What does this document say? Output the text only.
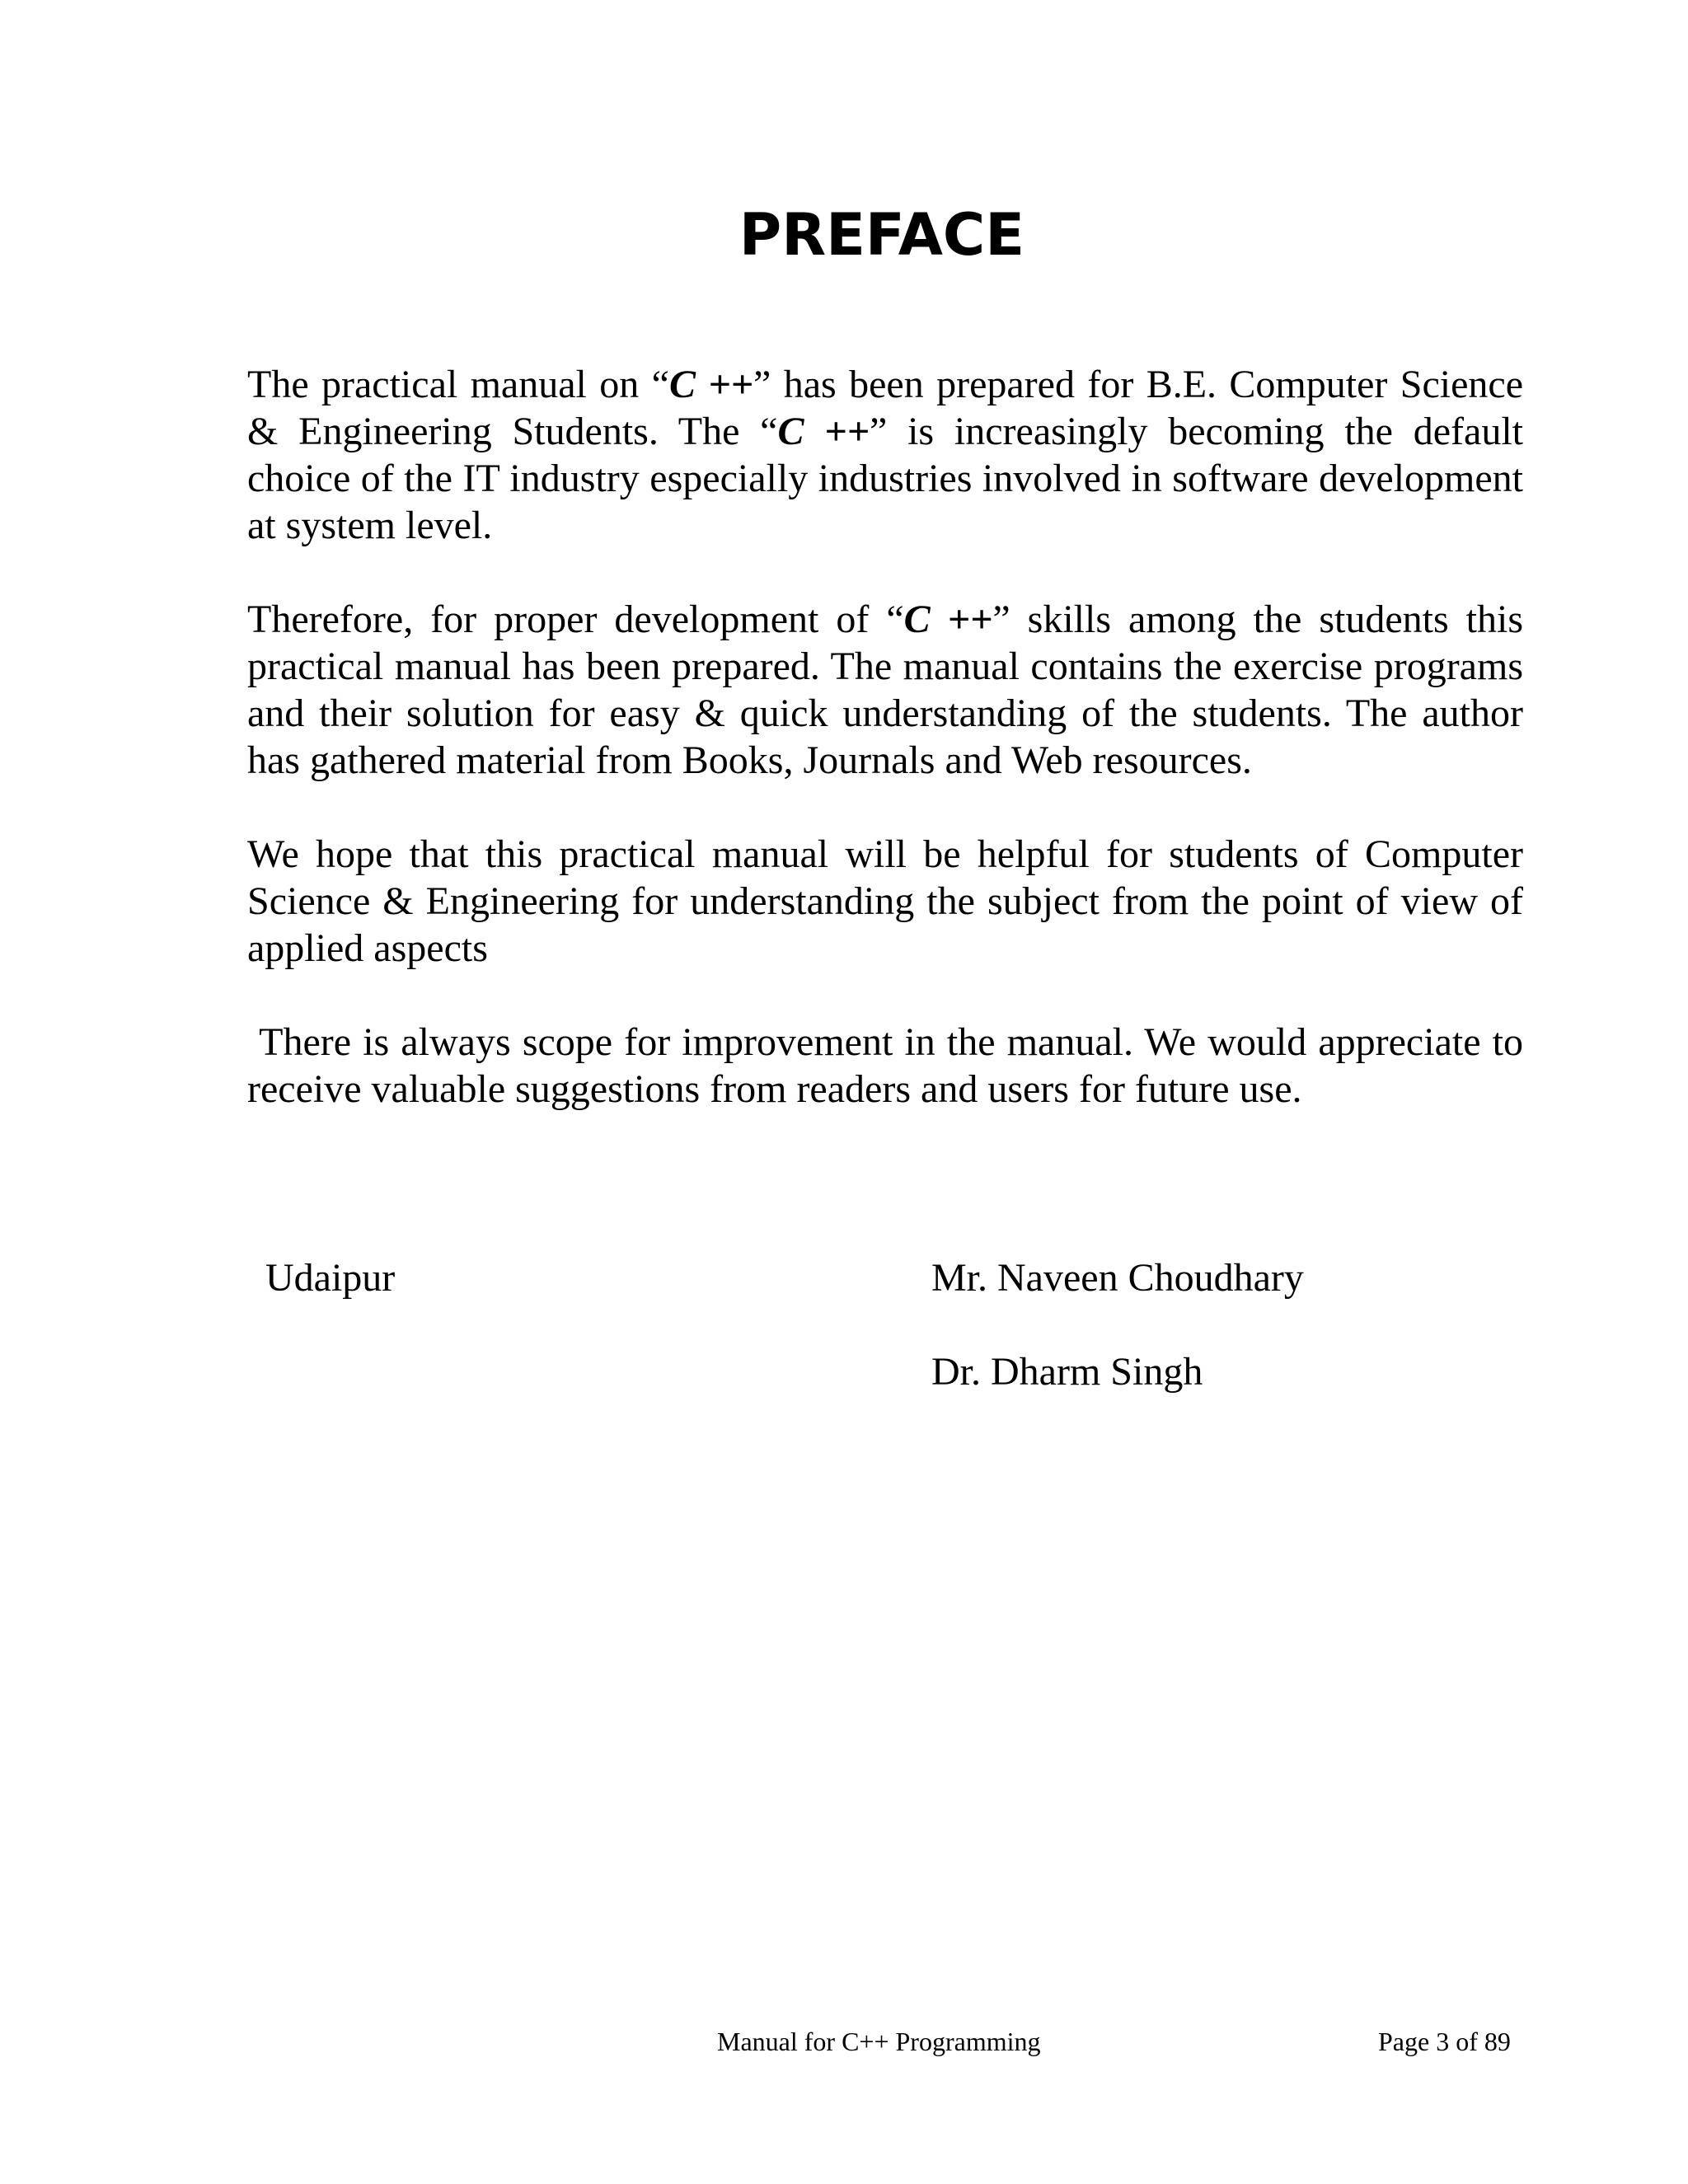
PREFACE

The practical manual on “C ++” has been prepared for B.E. Computer Science & Engineering Students. The “C ++” is increasingly becoming the default choice of the IT industry especially industries involved in software development at system level.

Therefore, for proper development of “C ++” skills among the students this practical manual has been prepared. The manual contains the exercise programs and their solution for easy & quick understanding of the students. The author has gathered material from Books, Journals and Web resources.

We hope that this practical manual will be helpful for students of Computer Science & Engineering for understanding the subject from the point of view of applied aspects

There is always scope for improvement in the manual. We would appreciate to receive valuable suggestions from readers and users for future use.

Udaipur	Mr. Naveen Choudhary
Dr. Dharm Singh
Manual for C++ Programming	Page 3 of 89
